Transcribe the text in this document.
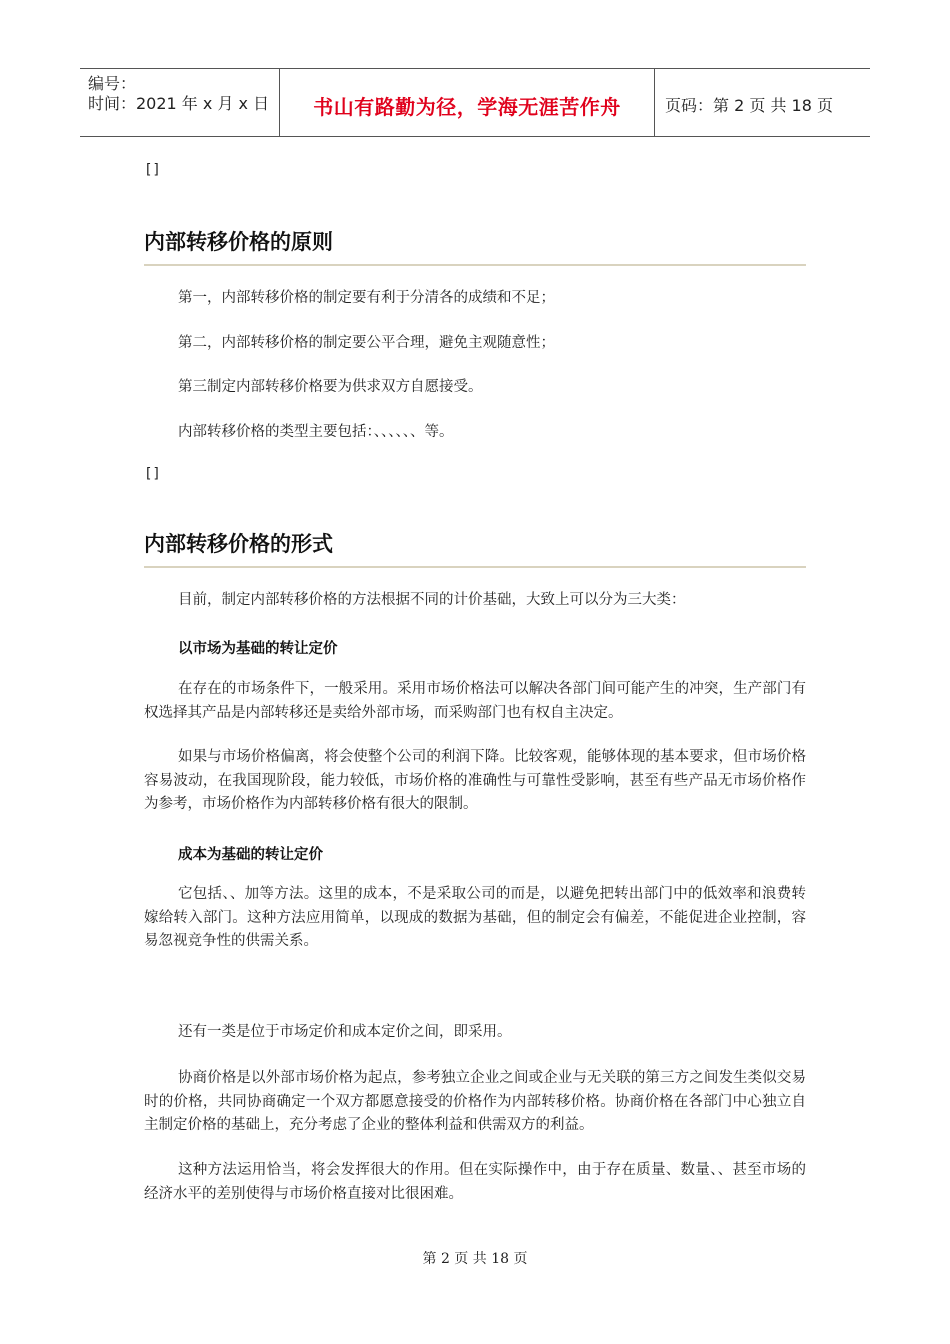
编号：
时间：2021 年 x 月 x 日	书山有路勤为径，学海无涯苦作舟	页码：第 2 页 共 18 页
[]
内部转移价格的原则

第一，内部转移价格的制定要有利于分清各的成绩和不足；

第二，内部转移价格的制定要公平合理，避免主观随意性；

第三制定内部转移价格要为供求双方自愿接受。

内部转移价格的类型主要包括：、、、、、、等。

[]
内部转移价格的形式

目前，制定内部转移价格的方法根据不同的计价基础，大致上可以分为三大类：

以市场为基础的转让定价

在存在的市场条件下，一般采用。采用市场价格法可以解决各部门间可能产生的冲突，生产部门有权选择其产品是内部转移还是卖给外部市场，而采购部门也有权自主决定。

如果与市场价格偏离，将会使整个公司的利润下降。比较客观，能够体现的基本要求，但市场价格容易波动，在我国现阶段，能力较低，市场价格的准确性与可靠性受影响，甚至有些产品无市场价格作为参考，市场价格作为内部转移价格有很大的限制。

成本为基础的转让定价

它包括、、加等方法。这里的成本，不是采取公司的而是，以避免把转出部门中的低效率和浪费转嫁给转入部门。这种方法应用简单，以现成的数据为基础，但的制定会有偏差，不能促进企业控制，容易忽视竞争性的供需关系。

还有一类是位于市场定价和成本定价之间，即采用。

协商价格是以外部市场价格为起点，参考独立企业之间或企业与无关联的第三方之间发生类似交易时的价格，共同协商确定一个双方都愿意接受的价格作为内部转移价格。协商价格在各部门中心独立自主制定价格的基础上，充分考虑了企业的整体利益和供需双方的利益。

这种方法运用恰当，将会发挥很大的作用。但在实际操作中，由于存在质量、数量、、甚至市场的经济水平的差别使得与市场价格直接对比很困难。

第 2 页 共 18 页
